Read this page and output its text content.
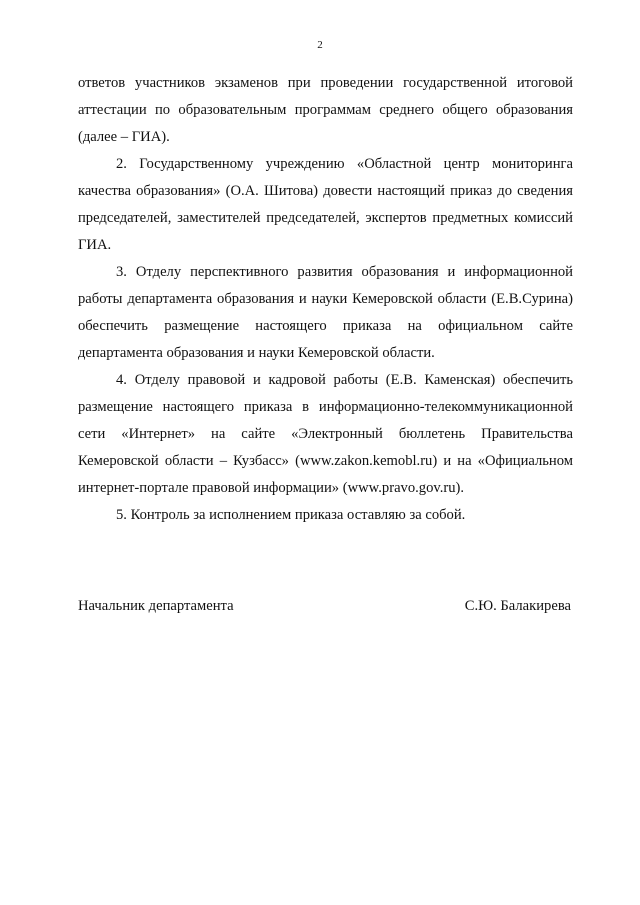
2

ответов участников экзаменов при проведении государственной итоговой аттестации по образовательным программам среднего общего образования (далее – ГИА).

2. Государственному учреждению «Областной центр мониторинга качества образования» (О.А. Шитова) довести настоящий приказ до сведения председателей, заместителей председателей, экспертов предметных комиссий ГИА.

3. Отделу перспективного развития образования и информационной работы департамента образования и науки Кемеровской области (Е.В.Сурина) обеспечить размещение настоящего приказа на официальном сайте департамента образования и науки Кемеровской области.

4. Отделу правовой и кадровой работы (Е.В. Каменская) обеспечить размещение настоящего приказа в информационно-телекоммуникационной сети «Интернет» на сайте «Электронный бюллетень Правительства Кемеровской области – Кузбасс» (www.zakon.kemobl.ru) и на «Официальном интернет-портале правовой информации» (www.pravo.gov.ru).

5. Контроль за исполнением приказа оставляю за собой.

Начальник департамента	С.Ю. Балакирева
